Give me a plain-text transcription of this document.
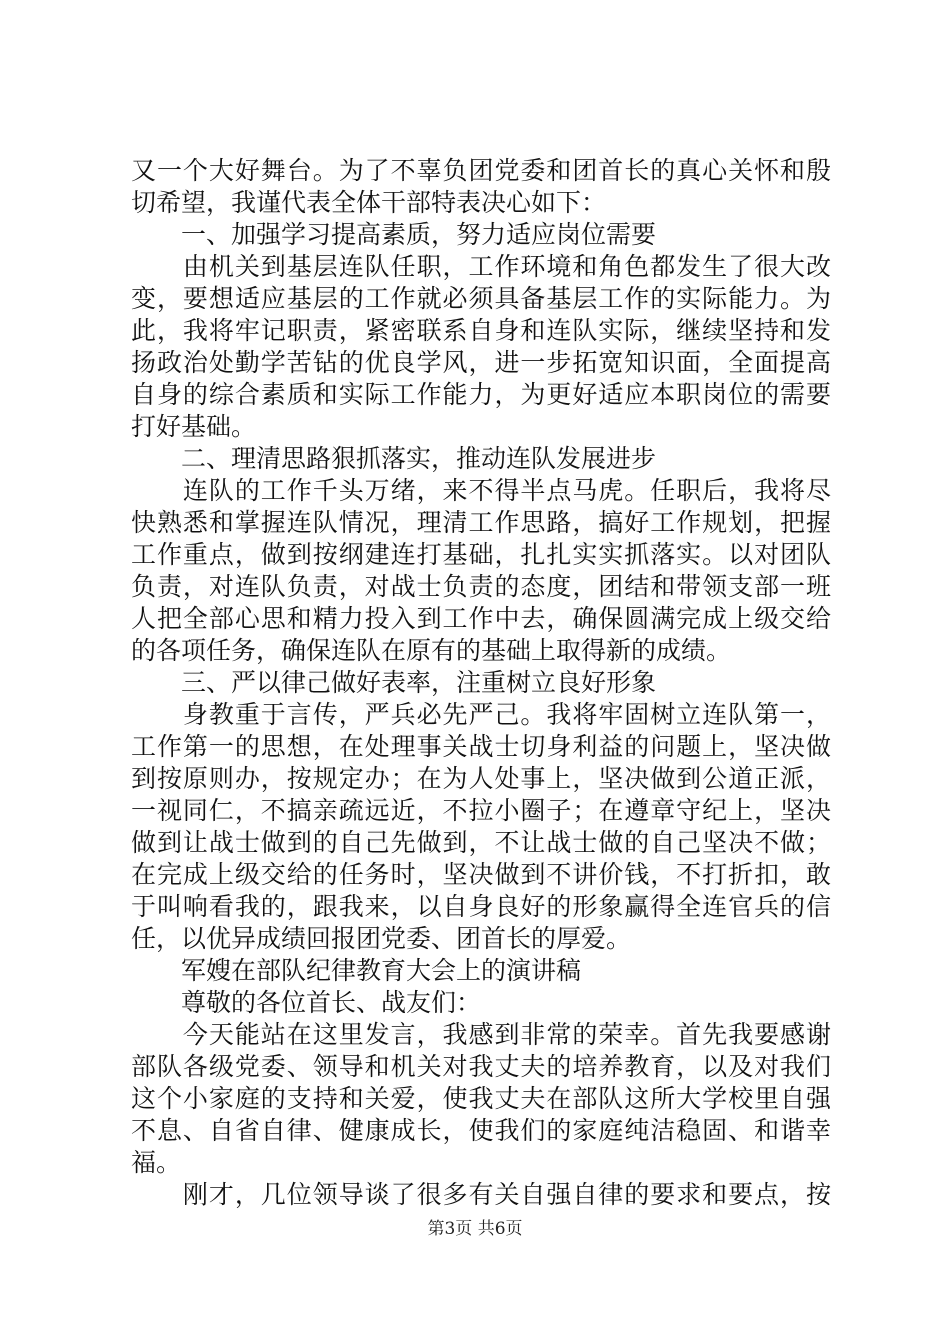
又一个大好舞台。为了不辜负团党委和团首长的真心关怀和殷
切希望，我谨代表全体干部特表决心如下：
　　一、加强学习提高素质，努力适应岗位需要
　　由机关到基层连队任职，工作环境和角色都发生了很大改
变，要想适应基层的工作就必须具备基层工作的实际能力。为
此，我将牢记职责，紧密联系自身和连队实际，继续坚持和发
扬政治处勤学苦钻的优良学风，进一步拓宽知识面，全面提高
自身的综合素质和实际工作能力，为更好适应本职岗位的需要
打好基础。
　　二、理清思路狠抓落实，推动连队发展进步
　　连队的工作千头万绪，来不得半点马虎。任职后，我将尽
快熟悉和掌握连队情况，理清工作思路，搞好工作规划，把握
工作重点，做到按纲建连打基础，扎扎实实抓落实。以对团队
负责，对连队负责，对战士负责的态度，团结和带领支部一班
人把全部心思和精力投入到工作中去，确保圆满完成上级交给
的各项任务，确保连队在原有的基础上取得新的成绩。
　　三、严以律己做好表率，注重树立良好形象
　　身教重于言传，严兵必先严己。我将牢固树立连队第一，
工作第一的思想，在处理事关战士切身利益的问题上，坚决做
到按原则办，按规定办；在为人处事上，坚决做到公道正派，
一视同仁，不搞亲疏远近，不拉小圈子；在遵章守纪上，坚决
做到让战士做到的自己先做到，不让战士做的自己坚决不做；
在完成上级交给的任务时，坚决做到不讲价钱，不打折扣，敢
于叫响看我的，跟我来，以自身良好的形象赢得全连官兵的信
任，以优异成绩回报团党委、团首长的厚爱。
　　军嫂在部队纪律教育大会上的演讲稿
　　尊敬的各位首长、战友们：
　　今天能站在这里发言，我感到非常的荣幸。首先我要感谢
部队各级党委、领导和机关对我丈夫的培养教育，以及对我们
这个小家庭的支持和关爱，使我丈夫在部队这所大学校里自强
不息、自省自律、健康成长，使我们的家庭纯洁稳固、和谐幸
福。
　　刚才，几位领导谈了很多有关自强自律的要求和要点，按
第3页 共6页
